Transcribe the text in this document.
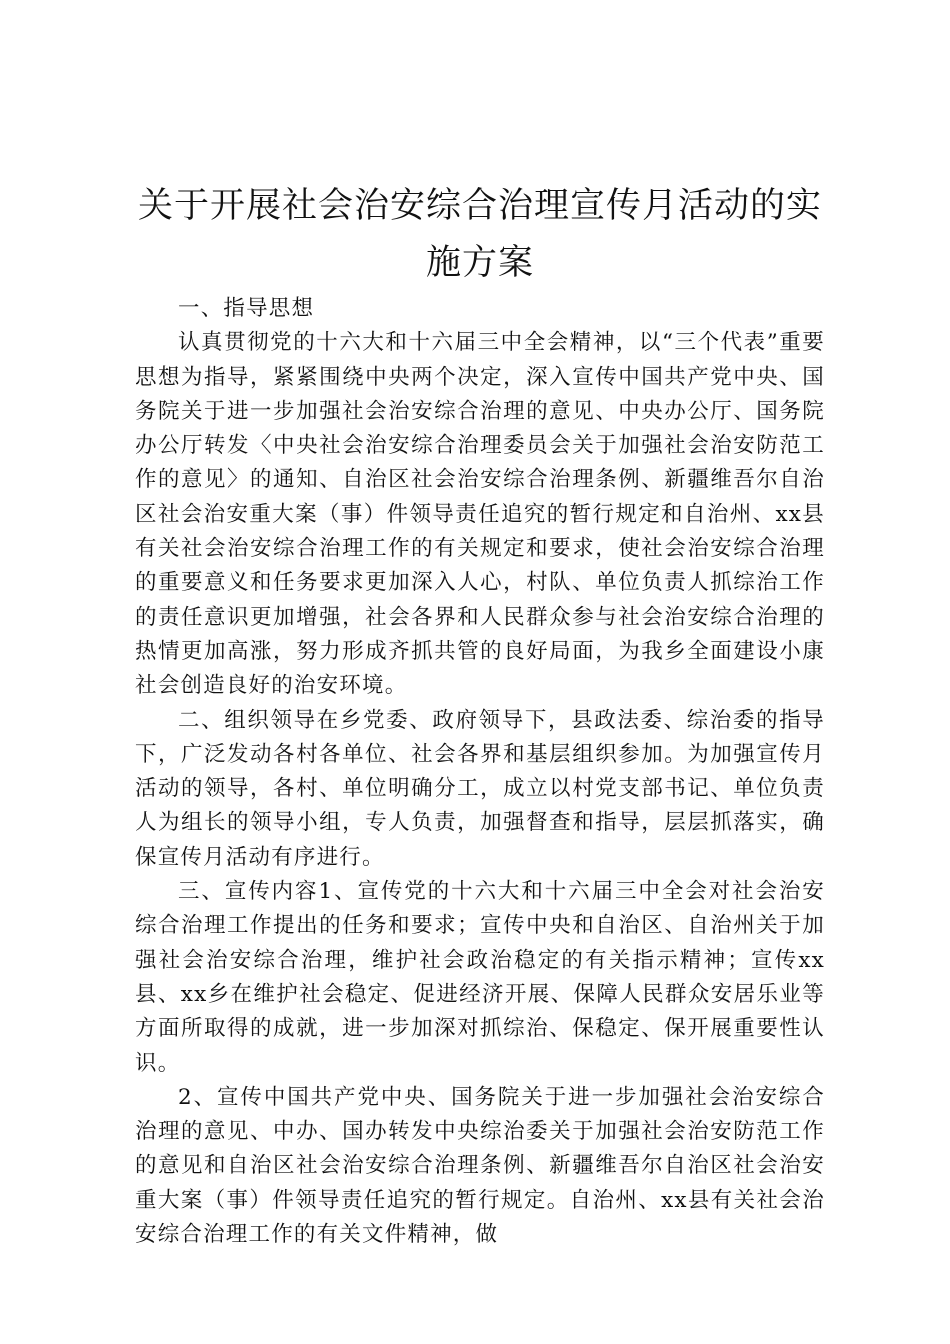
关于开展社会治安综合治理宣传月活动的实施方案

一、指导思想

认真贯彻党的十六大和十六届三中全会精神，以“三个代表”重要思想为指导，紧紧围绕中央两个决定，深入宣传中国共产党中央、国务院关于进一步加强社会治安综合治理的意见、中央办公厅、国务院办公厅转发〈中央社会治安综合治理委员会关于加强社会治安防范工作的意见〉的通知、自治区社会治安综合治理条例、新疆维吾尔自治区社会治安重大案（事）件领导责任追究的暂行规定和自治州、xx县有关社会治安综合治理工作的有关规定和要求，使社会治安综合治理的重要意义和任务要求更加深入人心，村队、单位负责人抓综治工作的责任意识更加增强，社会各界和人民群众参与社会治安综合治理的热情更加高涨，努力形成齐抓共管的良好局面，为我乡全面建设小康社会创造良好的治安环境。

二、组织领导在乡党委、政府领导下，县政法委、综治委的指导下，广泛发动各村各单位、社会各界和基层组织参加。为加强宣传月活动的领导，各村、单位明确分工，成立以村党支部书记、单位负责人为组长的领导小组，专人负责，加强督查和指导，层层抓落实，确保宣传月活动有序进行。

三、宣传内容1、宣传党的十六大和十六届三中全会对社会治安综合治理工作提出的任务和要求；宣传中央和自治区、自治州关于加强社会治安综合治理，维护社会政治稳定的有关指示精神；宣传xx县、xx乡在维护社会稳定、促进经济开展、保障人民群众安居乐业等方面所取得的成就，进一步加深对抓综治、保稳定、保开展重要性认识。

2、宣传中国共产党中央、国务院关于进一步加强社会治安综合治理的意见、中办、国办转发中央综治委关于加强社会治安防范工作的意见和自治区社会治安综合治理条例、新疆维吾尔自治区社会治安重大案（事）件领导责任追究的暂行规定。自治州、xx县有关社会治安综合治理工作的有关文件精神，做
